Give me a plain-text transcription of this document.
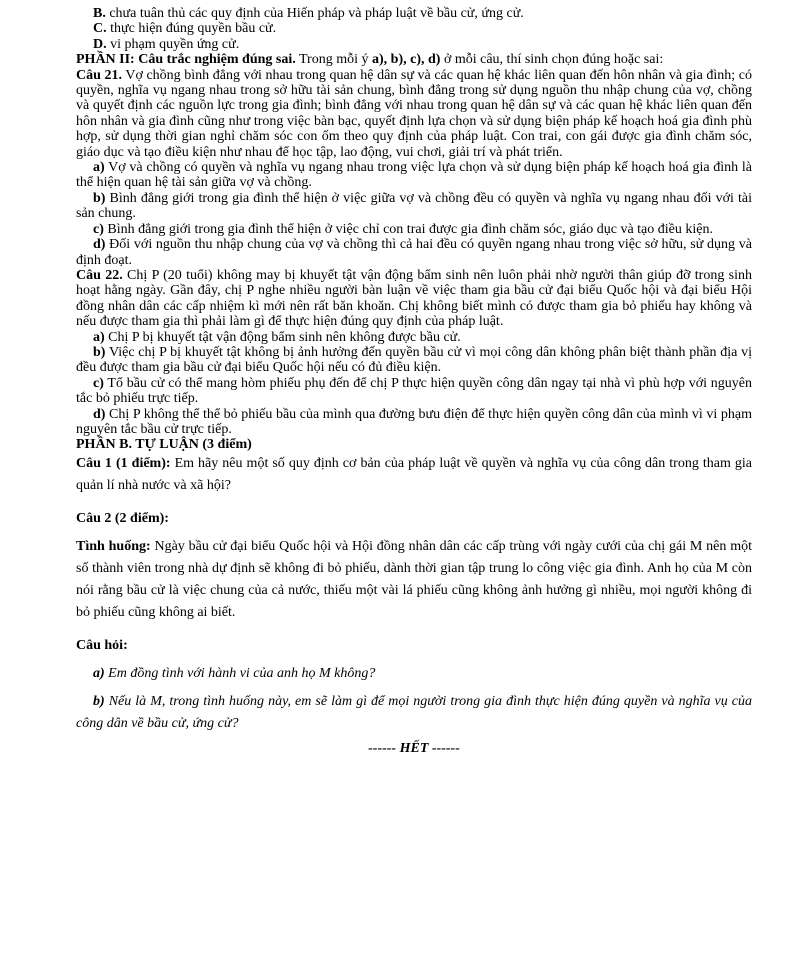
B. chưa tuân thủ các quy định của Hiến pháp và pháp luật về bầu cử, ứng cử.

C. thực hiện đúng quyền bầu cử.

D. vi phạm quyền ứng cử.

PHẦN II: Câu trắc nghiệm đúng sai. Trong mỗi ý a), b), c), d) ở mỗi câu, thí sinh chọn đúng hoặc sai:

Câu 21. Vợ chồng bình đẳng với nhau trong quan hệ dân sự và các quan hệ khác liên quan đến hôn nhân và gia đình; có quyền, nghĩa vụ ngang nhau trong sở hữu tài sản chung, bình đẳng trong sử dụng nguồn thu nhập chung của vợ, chồng và quyết định các nguồn lực trong gia đình; bình đẳng với nhau trong quan hệ dân sự và các quan hệ khác liên quan đến hôn nhân và gia đình cũng như trong việc bàn bạc, quyết định lựa chọn và sử dụng biện pháp kế hoạch hoá gia đình phù hợp, sử dụng thời gian nghỉ chăm sóc con ốm theo quy định của pháp luật. Con trai, con gái được gia đình chăm sóc, giáo dục và tạo điều kiện như nhau để học tập, lao động, vui chơi, giải trí và phát triển.

a) Vợ và chồng có quyền và nghĩa vụ ngang nhau trong việc lựa chọn và sử dụng biện pháp kế hoạch hoá gia đình là thể hiện quan hệ tài sản giữa vợ và chồng.

b) Bình đẳng giới trong gia đình thể hiện ở việc giữa vợ và chồng đều có quyền và nghĩa vụ ngang nhau đối với tài sản chung.

c) Bình đẳng giới trong gia đình thể hiện ở việc chỉ con trai được gia đình chăm sóc, giáo dục và tạo điều kiện.

d) Đối với nguồn thu nhập chung của vợ và chồng thì cả hai đều có quyền ngang nhau trong việc sở hữu, sử dụng và định đoạt.

Câu 22. Chị P (20 tuổi) không may bị khuyết tật vận động bẩm sinh nên luôn phải nhờ người thân giúp đỡ trong sinh hoạt hằng ngày. Gần đây, chị P nghe nhiều người bàn luận về việc tham gia bầu cử đại biểu Quốc hội và đại biểu Hội đồng nhân dân các cấp nhiệm kì mới nên rất băn khoăn. Chị không biết mình có được tham gia bỏ phiếu hay không và nếu được tham gia thì phải làm gì để thực hiện đúng quy định của pháp luật.

a) Chị P bị khuyết tật vận động bẩm sinh nên không được bầu cử.

b) Việc chị P bị khuyết tật không bị ảnh hưởng đến quyền bầu cử vì mọi công dân không phân biệt thành phần địa vị đều được tham gia bầu cử đại biểu Quốc hội nếu có đủ điều kiện.

c) Tổ bầu cử có thể mang hòm phiếu phụ đến để chị P thực hiện quyền công dân ngay tại nhà vì phù hợp với nguyên tắc bỏ phiếu trực tiếp.

d) Chị P không thể thể bỏ phiếu bầu của mình qua đường bưu điện để thực hiện quyền công dân của mình vì vi phạm nguyên tắc bầu cử trực tiếp.

PHẦN B. TỰ LUẬN (3 điểm)

Câu 1 (1 điểm): Em hãy nêu một số quy định cơ bản của pháp luật về quyền và nghĩa vụ của công dân trong tham gia quản lí nhà nước và xã hội?

Câu 2 (2 điểm):

Tình huống: Ngày bầu cử đại biểu Quốc hội và Hội đồng nhân dân các cấp trùng với ngày cưới của chị gái M nên một số thành viên trong nhà dự định sẽ không đi bỏ phiếu, dành thời gian tập trung lo công việc gia đình. Anh họ của M còn nói rằng bầu cử là việc chung của cả nước, thiếu một vài lá phiếu cũng không ảnh hưởng gì nhiều, mọi người không đi bỏ phiếu cũng không ai biết.

Câu hỏi:

a) Em đồng tình với hành vi của anh họ M không?

b) Nếu là M, trong tình huống này, em sẽ làm gì để mọi người trong gia đình thực hiện đúng quyền và nghĩa vụ của công dân về bầu cử, ứng cử?

------ HẾT ------
